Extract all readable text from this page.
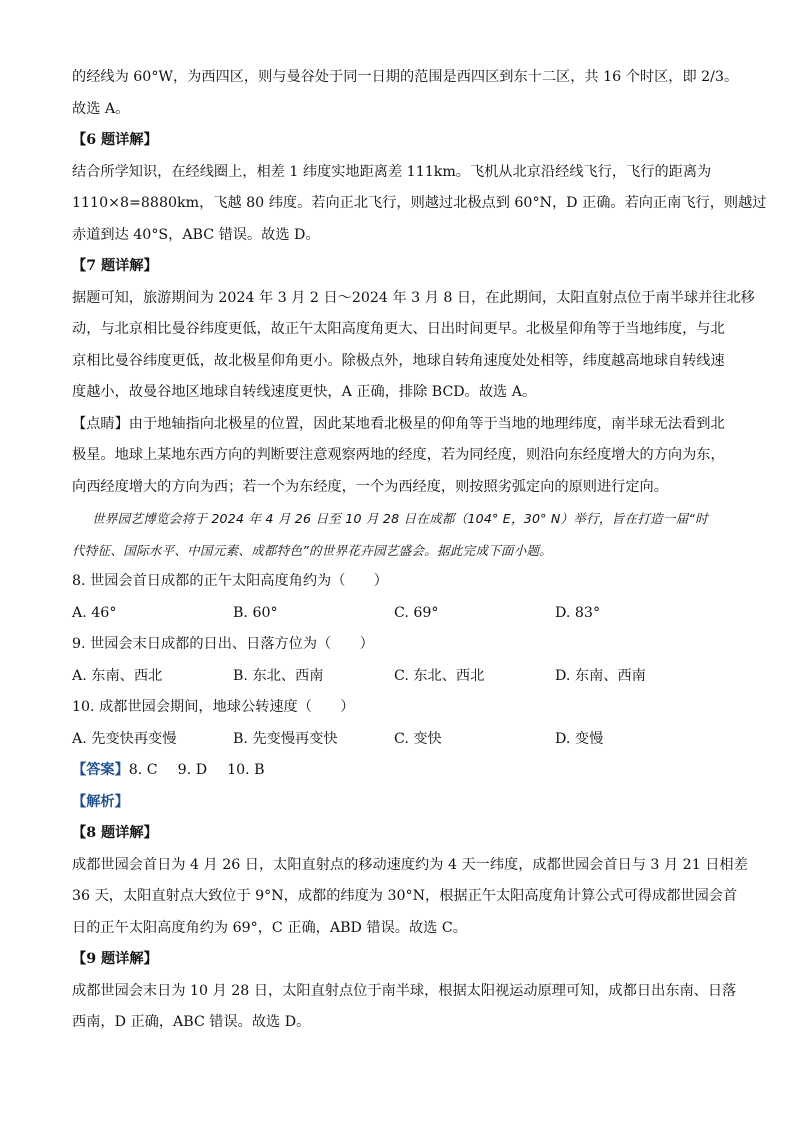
的经线为 60°W，为西四区，则与曼谷处于同一日期的范围是西四区到东十二区，共 16 个时区，即 2/3。
故选 A。
【6 题详解】
结合所学知识，在经线圈上，相差 1 纬度实地距离差 111km。飞机从北京沿经线飞行，飞行的距离为
1110×8=8880km，飞越 80 纬度。若向正北飞行，则越过北极点到 60°N，D 正确。若向正南飞行，则越过
赤道到达 40°S，ABC 错误。故选 D。
【7 题详解】
据题可知，旅游期间为 2024 年 3 月 2 日～2024 年 3 月 8 日，在此期间，太阳直射点位于南半球并往北移
动，与北京相比曼谷纬度更低，故正午太阳高度角更大、日出时间更早。北极星仰角等于当地纬度，与北
京相比曼谷纬度更低，故北极星仰角更小。除极点外，地球自转角速度处处相等，纬度越高地球自转线速
度越小，故曼谷地区地球自转线速度更快，A 正确，排除 BCD。故选 A。
【点睛】由于地轴指向北极星的位置，因此某地看北极星的仰角等于当地的地理纬度，南半球无法看到北
极星。地球上某地东西方向的判断要注意观察两地的经度，若为同经度，则沿向东经度增大的方向为东，
向西经度增大的方向为西；若一个为东经度，一个为西经度，则按照劣弧定向的原则进行定向。
世界园艺博览会将于 2024 年 4 月 26 日至 10 月 28 日在成都（104° E，30° N）举行，旨在打造一届“时
代特征、国际水平、中国元素、成都特色”的世界花卉园艺盛会。据此完成下面小题。
8. 世园会首日成都的正午太阳高度角约为（　　）
A. 46°	B. 60°	C. 69°	D. 83°
9. 世园会末日成都的日出、日落方位为（　　）
A. 东南、西北	B. 东北、西南	C. 东北、西北	D. 东南、西南
10. 成都世园会期间，地球公转速度（　　）
A. 先变快再变慢	B. 先变慢再变快	C. 变快	D. 变慢
【答案】8. C 9. D 10. B
【解析】
【8 题详解】
成都世园会首日为 4 月 26 日，太阳直射点的移动速度约为 4 天一纬度，成都世园会首日与 3 月 21 日相差
36 天，太阳直射点大致位于 9°N，成都的纬度为 30°N，根据正午太阳高度角计算公式可得成都世园会首
日的正午太阳高度角约为 69°，C 正确，ABD 错误。故选 C。
【9 题详解】
成都世园会末日为 10 月 28 日，太阳直射点位于南半球，根据太阳视运动原理可知，成都日出东南、日落
西南，D 正确，ABC 错误。故选 D。
